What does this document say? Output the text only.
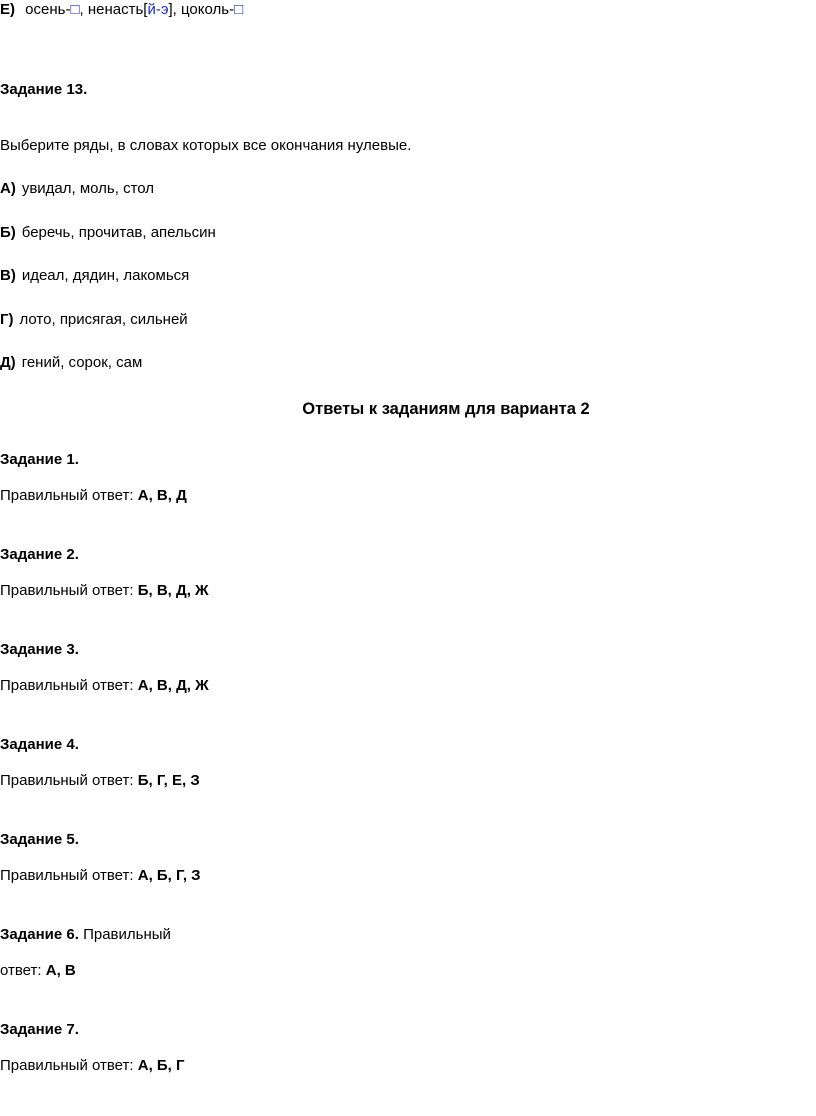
Е) осень-□, ненасть[й-э], цоколь-□
Задание 13.
Выберите ряды, в словах которых все окончания нулевые.
А) увидал, моль, стол
Б) беречь, прочитав, апельсин
В) идеал, дядин, лакомься
Г) лото, присягая, сильней
Д) гений, сорок, сам
Ответы к заданиям для варианта 2
Задание 1.
Правильный ответ: А, В, Д
Задание 2.
Правильный ответ: Б, В, Д, Ж
Задание 3.
Правильный ответ: А, В, Д, Ж
Задание 4.
Правильный ответ: Б, Г, Е, З
Задание 5.
Правильный ответ: А, Б, Г, З
Задание 6. Правильный
ответ: А, В
Задание 7.
Правильный ответ: А, Б, Г
